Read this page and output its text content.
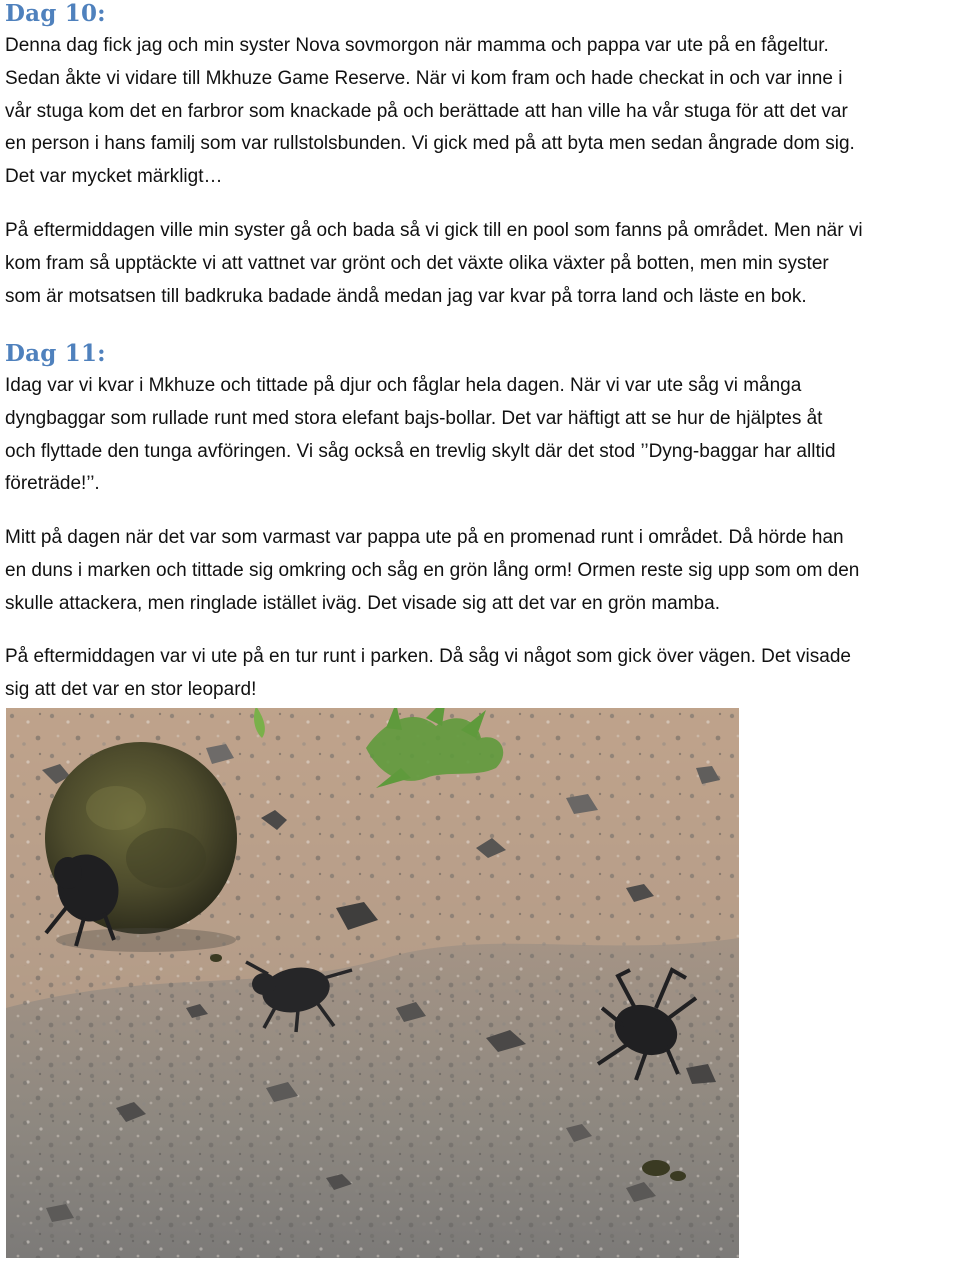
Dag 10:

Denna dag fick jag och min syster Nova sovmorgon när mamma och pappa var ute på en fågeltur.
Sedan åkte vi vidare till Mkhuze Game Reserve. När vi kom fram och hade checkat in och var inne i
vår stuga kom det en farbror som knackade på och berättade att han ville ha vår stuga för att det var
en person i hans familj som var rullstolsbunden. Vi gick med på att byta men sedan ångrade dom sig.
Det var mycket märkligt…

På eftermiddagen ville min syster gå och bada så vi gick till en pool som fanns på området. Men när vi
kom fram så upptäckte vi att vattnet var grönt och det växte olika växter på botten, men min syster
som är motsatsen till badkruka badade ändå medan jag var kvar på torra land och läste en bok.

Dag 11:

Idag var vi kvar i Mkhuze och tittade på djur och fåglar hela dagen. När vi var ute såg vi många
dyngbaggar som rullade runt med stora elefant bajs-bollar. Det var häftigt att se hur de hjälptes åt
och flyttade den tunga avföringen. Vi såg också en trevlig skylt där det stod ’’Dyng-baggar har alltid
företräde!’’.

Mitt på dagen när det var som varmast var pappa ute på en promenad runt i området. Då hörde han
en duns i marken och tittade sig omkring och såg en grön lång orm! Ormen reste sig upp som om den
skulle attackera, men ringlade istället iväg. Det visade sig att det var en grön mamba.

På eftermiddagen var vi ute på en tur runt i parken. Då såg vi något som gick över vägen. Det visade
sig att det var en stor leopard!
